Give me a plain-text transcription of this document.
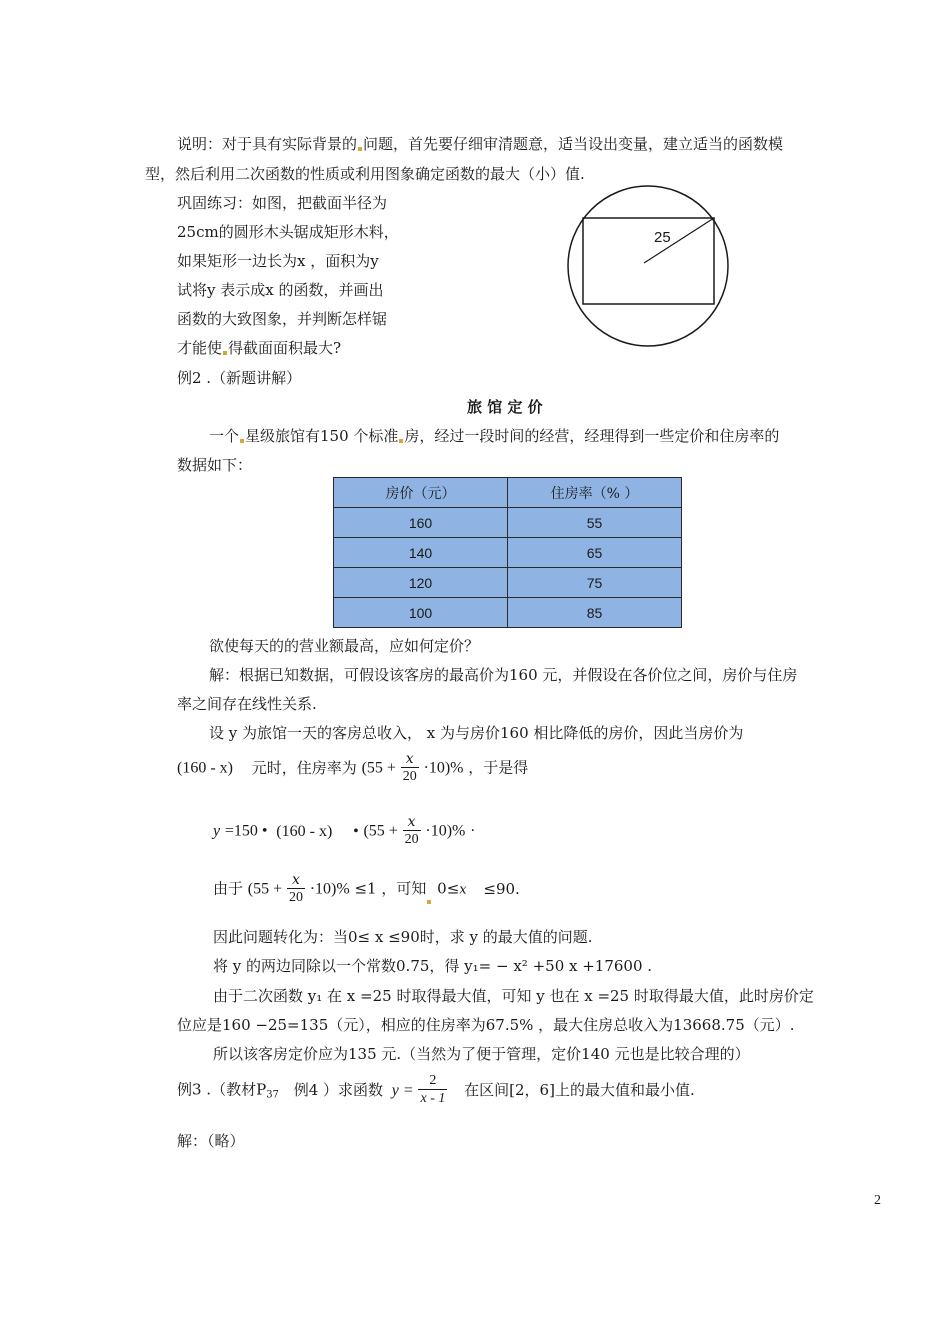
说明：对于具有实际背景的 问题，首先要仔细审清题意，适当设出变量，建立适当的函数模
型，然后利用二次函数的性质或利用图象确定函数的最大（小）值.
巩固练习：如图，把截面半径为
25cm的圆形木头锯成矩形木料，
如果矩形一边长为x ，面积为y
试将y 表示成x 的函数，并画出
函数的大致图象，并判断怎样锯
才能使 得截面面积最大?
25
例2 .（新题讲解）
旅 馆 定 价
一个 星级旅馆有150 个标准 房，经过一段时间的经营，经理得到一些定价和住房率的
数据如下：
房价（元）	住房率（% ）
160	55
140	65
120	75
100	85
欲使每天的的营业额最高，应如何定价？
解：根据已知数据，可假设该客房的最高价为160 元，并假设在各价位之间，房价与住房
率之间存在线性关系.
设 y 为旅馆一天的客房总收入， x 为与房价160 相比降低的房价，因此当房价为
(160 - x) 元时，住房率为 $(55 + \frac{x}{20} \cdot 10)\%$ ，于是得
y =150 • (160 - x) • $(55 + \frac{x}{20} \cdot 10)\%$ ·
由于 $(55 + \frac{x}{20} \cdot 10)\% \le 1$ ，可知 0≤x ≤90.
因此问题转化为：当0≤ x ≤90时，求 y 的最大值的问题.
将 y 的两边同除以一个常数0.75，得 y₁= − x² +50 x +17600 .
由于二次函数 y₁ 在 x =25 时取得最大值，可知 y 也在 x =25 时取得最大值，此时房价定
位应是160 −25=135（元），相应的住房率为67.5% ，最大住房总收入为13668.75（元）.
所以该客房定价应为135 元.（当然为了便于管理，定价140 元也是比较合理的）
例3 .（教材$P_{37}$ 例4 ）求函数 $y = \frac{2}{x - 1}$ 在区间[2，6]上的最大值和最小值.
解：（略）
2
